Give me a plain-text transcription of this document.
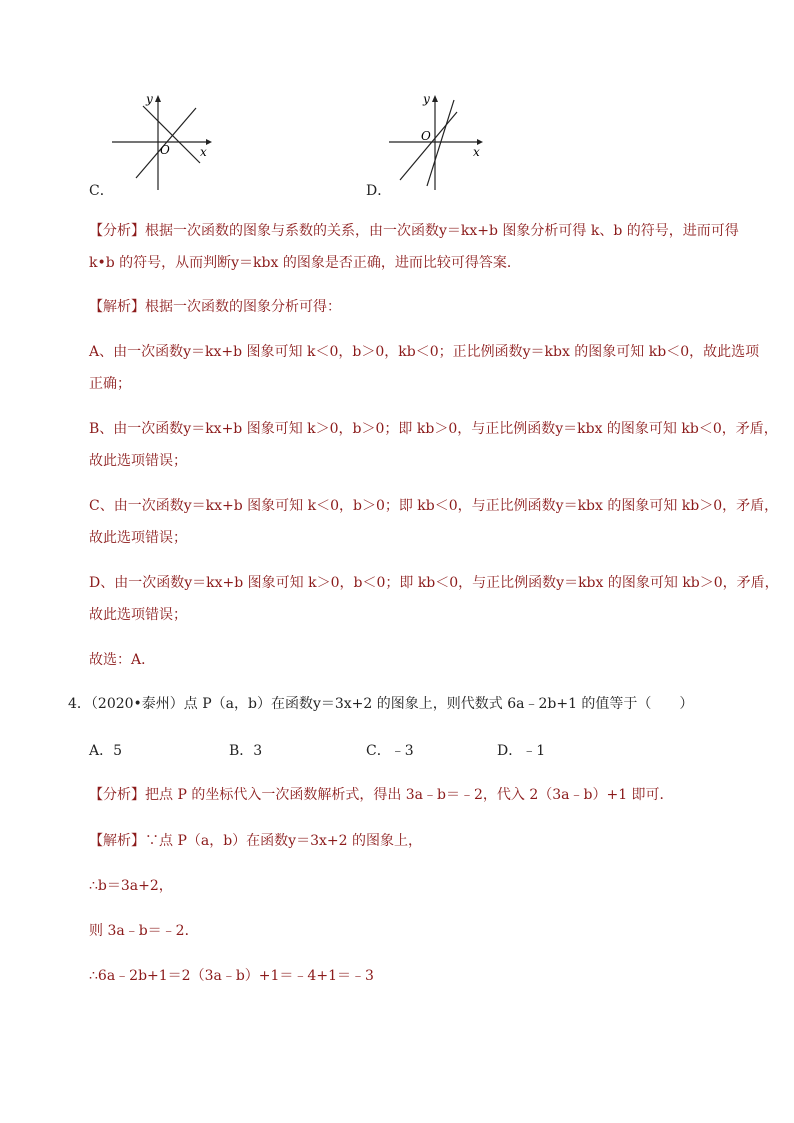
y
x
O
C．
y
x
O
D．
【分析】根据一次函数的图象与系数的关系，由一次函数y＝kx+b 图象分析可得 k、b 的符号，进而可得
k•b 的符号，从而判断y＝kbx 的图象是否正确，进而比较可得答案．
【解析】根据一次函数的图象分析可得：
A、由一次函数y＝kx+b 图象可知 k＜0，b＞0，kb＜0；正比例函数y＝kbx 的图象可知 kb＜0，故此选项
正确；
B、由一次函数y＝kx+b 图象可知 k＞0，b＞0；即 kb＞0，与正比例函数y＝kbx 的图象可知 kb＜0，矛盾，
故此选项错误；
C、由一次函数y＝kx+b 图象可知 k＜0，b＞0；即 kb＜0，与正比例函数y＝kbx 的图象可知 kb＞0，矛盾，
故此选项错误；
D、由一次函数y＝kx+b 图象可知 k＞0，b＜0；即 kb＜0，与正比例函数y＝kbx 的图象可知 kb＞0，矛盾，
故此选项错误；
故选：A．
4．（2020•泰州）点 P（a，b）在函数y＝3x+2 的图象上，则代数式 6a﹣2b+1 的值等于（　　）
A．5	B．3	C．﹣3	D．﹣1
【分析】把点 P 的坐标代入一次函数解析式，得出 3a﹣b＝﹣2，代入 2（3a﹣b）+1 即可．
【解析】∵点 P（a，b）在函数y＝3x+2 的图象上，
∴b＝3a+2，
则 3a﹣b＝﹣2．
∴6a﹣2b+1＝2（3a﹣b）+1＝﹣4+1＝﹣3
